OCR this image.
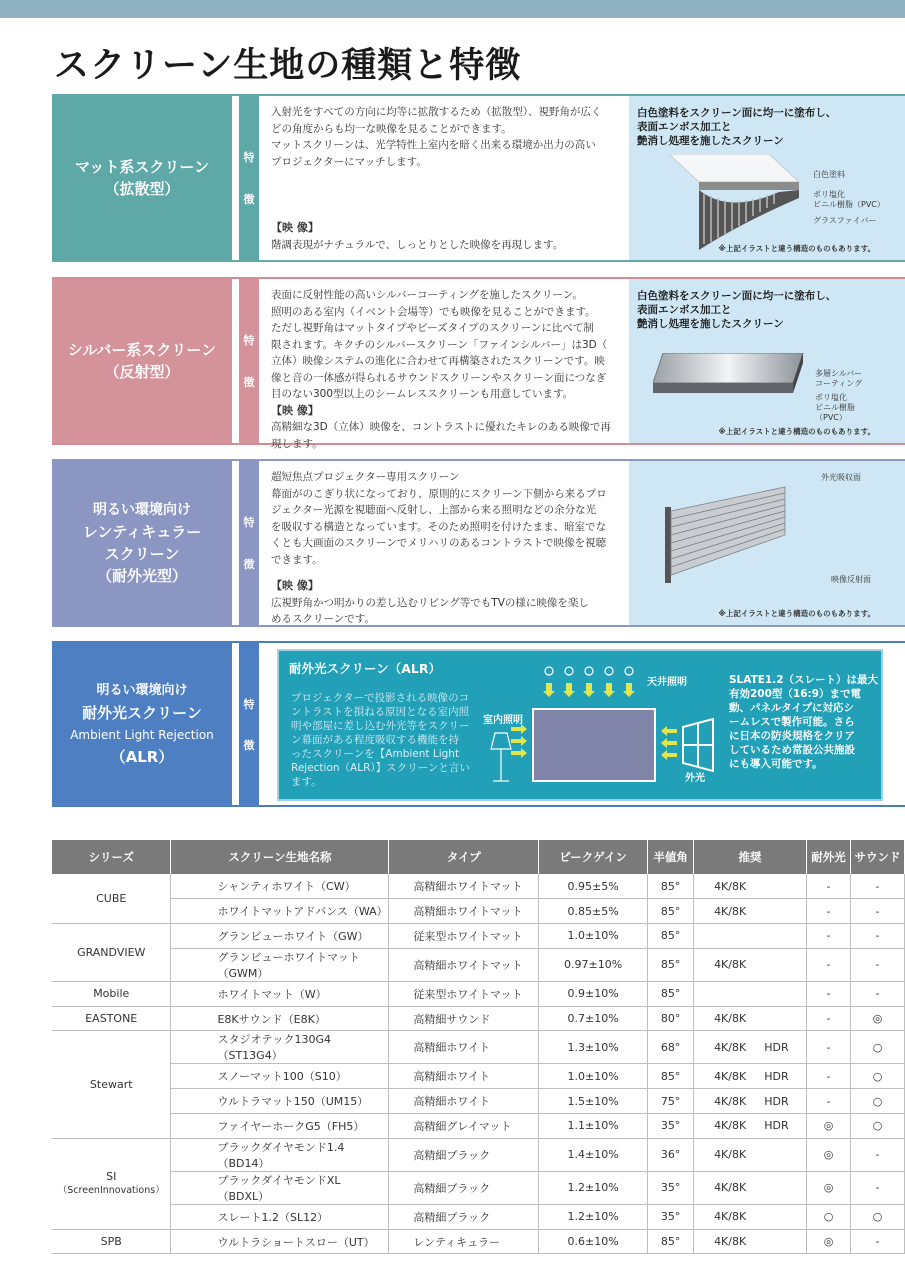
スクリーン生地の種類と特徴
マット系スクリーン
（拡散型）
特
徴
入射光をすべての方向に均等に拡散するため（拡散型）、視野角が広く
どの角度からも均一な映像を見ることができます。
マットスクリーンは、光学特性上室内を暗く出来る環境か出力の高い
プロジェクターにマッチします。
【映 像】
階調表現がナチュラルで、しっとりとした映像を再現します。
白色塗料をスクリーン面に均一に塗布し、
表面エンボス加工と
艶消し処理を施したスクリーン
白色塗料
ポリ塩化
ビニル樹脂（PVC）
グラスファイバー
※上記イラストと違う構造のものもあります。
シルバー系スクリーン
（反射型）
特
徴
表面に反射性能の高いシルバーコーティングを施したスクリーン。
照明のある室内（イベント会場等）でも映像を見ることができます。
ただし視野角はマットタイプやビーズタイプのスクリーンに比べて制
限されます。キクチのシルバースクリーン「ファインシルバー」は3D（
立体）映像システムの進化に合わせて再構築されたスクリーンです。映
像と音の一体感が得られるサウンドスクリーンやスクリーン面につなぎ
目のない300型以上のシームレススクリーンも用意しています。
【映 像】
高精細な3D（立体）映像を、コントラストに優れたキレのある映像で再
現します。
白色塗料をスクリーン面に均一に塗布し、
表面エンボス加工と
艶消し処理を施したスクリーン
多層シルバー
コーティング
ポリ塩化
ビニル樹脂
（PVC）
※上記イラストと違う構造のものもあります。
明るい環境向け
レンティキュラー
スクリーン
（耐外光型）
特
徴
超短焦点プロジェクター専用スクリーン
幕面がのこぎり状になっており、原則的にスクリーン下側から来るプロ
ジェクター光源を視聴面へ反射し、上部から来る照明などの余分な光
を吸収する構造となっています。そのため照明を付けたまま、暗室でな
くとも大画面のスクリーンでメリハリのあるコントラストで映像を視聴
できます。
【映 像】
広視野角かつ明かりの差し込むリビング等でもTVの様に映像を楽し
めるスクリーンです。
外光吸収面
映像反射面
※上記イラストと違う構造のものもあります。
明るい環境向け
耐外光スクリーン
Ambient Light Rejection
（ALR）
特
徴
耐外光スクリーン（ALR）
プロジェクターで投影される映像のコ
ントラストを損ねる原因となる室内照
明や部屋に差し込む外光等をスクリー
ン幕面がある程度吸収する機能を持
ったスクリーンを【Ambient Light
Rejection（ALR）】スクリーンと言い
ます。
天井照明
室内照明
外光
SLATE1.2（スレート）は最大
有効200型（16:9）まで電
動、パネルタイプに対応シ
ームレスで製作可能。さら
に日本の防炎規格をクリア
しているため常設公共施設
にも導入可能です。
シリーズ	スクリーン生地名称	タイプ	ピークゲイン	半値角	推奨	耐外光	サウンド

CUBE	シャンティホワイト（CW）	高精細ホワイトマット	0.95±5%	85°	4K/8K	-	-
	ホワイトマットアドバンス（WA）	高精細ホワイトマット	0.85±5%	85°	4K/8K	-	-

GRANDVIEW	グランビューホワイト（GW）	従来型ホワイトマット	1.0±10%	85°		-	-
	グランビューホワイトマット（GWM）	高精細ホワイトマット	0.97±10%	85°	4K/8K	-	-

Mobile	ホワイトマット（W）	従来型ホワイトマット	0.9±10%	85°		-	-

EASTONE	E8Kサウンド（E8K）	高精細サウンド	0.7±10%	80°	4K/8K	-	◎

Stewart	スタジオテック130G4（ST13G4）	高精細ホワイト	1.3±10%	68°	4K/8K HDR	-	○
	スノーマット100（S10）	高精細ホワイト	1.0±10%	85°	4K/8K HDR	-	○
	ウルトラマット150（UM15）	高精細ホワイト	1.5±10%	75°	4K/8K HDR	-	○
	ファイヤーホークG5（FH5）	高精細グレイマット	1.1±10%	35°	4K/8K HDR	◎	○

SI
（ScreenInnovations）	ブラックダイヤモンド1.4（BD14）	高精細ブラック	1.4±10%	36°	4K/8K	◎	-
	ブラックダイヤモンドXL（BDXL）	高精細ブラック	1.2±10%	35°	4K/8K	◎	-
	スレート1.2（SL12）	高精細ブラック	1.2±10%	35°	4K/8K	○	○

SPB	ウルトラショートスロー（UT）	レンティキュラー	0.6±10%	85°	4K/8K	◎	-
